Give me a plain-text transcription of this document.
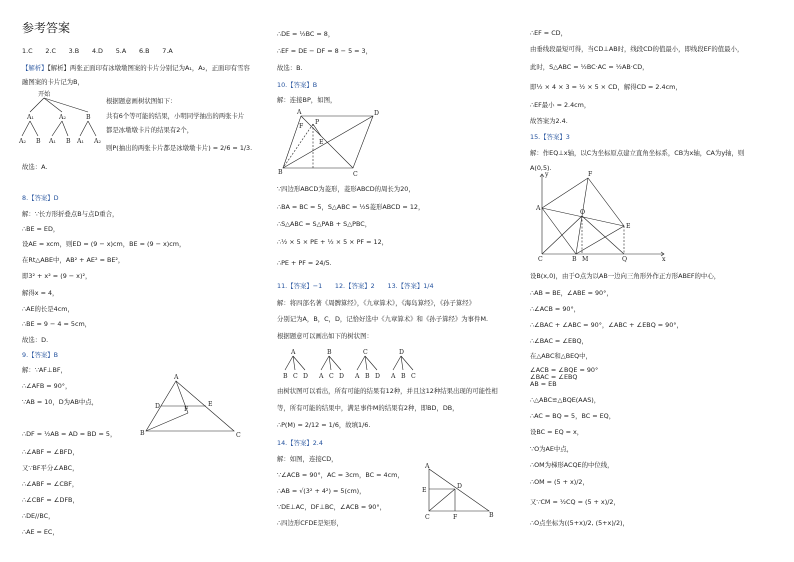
参考答案
1.C　　2.C　　3.B　　4.D　　5.A　　6.B　　7.A
【解析】【解析】两张正面印有冰墩墩图案的卡片分别记为A₁，A₂，正面印有雪容
融图案的卡片记为B，
开始
A₁	A₂	B
A₂ B A₁ B A₁ A₂
根据题意画树状图如下：
共有6个等可能的结果，小明同学抽出的两张卡片
都是冰墩墩卡片的结果有2个，
则P(抽出的两张卡片都是冰墩墩卡片) = 2/6 = 1/3.
故选：A.
8.【答案】D
解：∵长方形折叠点B与点D重合，
∴BE = ED，
设AE = xcm，则ED = (9 − x)cm，BE = (9 − x)cm，
在Rt△ABE中，AB² + AE² = BE²，
即3² + x² = (9 − x)²，
解得x = 4，
∴AE的长是4cm，
∴BE = 9 − 4 = 5cm，
故选：D.
9.【答案】B
解：∵AF⊥BF，
∴∠AFB = 90°，
∵AB = 10，D为AB中点，
A
D	F
E
B	C
∴DF = ½AB = AD = BD = 5，
∴∠ABF = ∠BFD，
又∵BF平分∠ABC，
∴∠ABF = ∠CBF，
∴∠CBF = ∠DFB，
∴DE//BC，
∴AE = EC，
∴DE = ½BC = 8，
∴EF = DE − DF = 8 − 5 = 3，
故选：B.
10.【答案】B
解：连接BP，如图，
A	D
F
P
E
B	C
∵四边形ABCD为菱形，菱形ABCD的周长为20，
∴BA = BC = 5，S△ABC = ½S菱形ABCD = 12，
∴S△ABC = S△PAB + S△PBC，
∴½ × 5 × PE + ½ × 5 × PF = 12，
∴PE + PF = 24/5.
11.【答案】−1　　12.【答案】2　　13.【答案】1/4
解：将四部名著《周髀算经》，《九章算术》，《海岛算经》，《孙子算经》
分别记为A，B，C，D，记恰好选中《九章算术》和《孙子算经》为事件M.
根据题意可以画出如下的树状图：
A	B	C	D
B C D A C D A B D A B C
由树状图可以看出，所有可能的结果有12种，并且这12种结果出现的可能性相
等，所有可能的结果中，满足事件M的结果有2种，即BD，DB，
∴P(M) = 2/12 = 1/6，故填1/6.
14.【答案】2.4
解：如图，连接CD，
∵∠ACB = 90°，AC = 3cm，BC = 4cm，
∴AB = √(3² + 4²) = 5(cm)，
∵DE⊥AC，DF⊥BC，∠ACB = 90°，
∴四边形CFDE是矩形，
A
E
D
C	F	B
∴EF = CD，
由垂线段最短可得，当CD⊥AB时，线段CD的值最小，即线段EF的值最小，
此时，S△ABC = ½BC·AC = ½AB·CD，
即½ × 4 × 3 = ½ × 5 × CD，解得CD = 2.4cm，
∴EF最小 = 2.4cm，
故答案为2.4.
15.【答案】3
解：作EQ⊥x轴，以C为坐标原点建立直角坐标系，CB为x轴，CA为y轴，则
A(0,5).
y	F
A
O
E
C	B M	Q	x
设B(x,0)，由于O点为以AB一边向三角形外作正方形ABEF的中心，
∴AB = BE，∠ABE = 90°，
∴∠ACB = 90°，
∴∠BAC + ∠ABC = 90°，∠ABC + ∠EBQ = 90°，
∴∠BAC = ∠EBQ，
在△ABC和△BEQ中，
∠ACB = ∠BQE = 90°
∠BAC = ∠EBQ
AB = EB
∴△ABC≌△BQE(AAS)，
∴AC = BQ = 5，BC = EQ，
设BC = EQ = x，
∵O为AE中点，
∴OM为梯形ACQE的中位线，
∴OM = (5 + x)/2，
又∵CM = ½CQ = (5 + x)/2，
∴O点坐标为((5+x)/2, (5+x)/2)，
